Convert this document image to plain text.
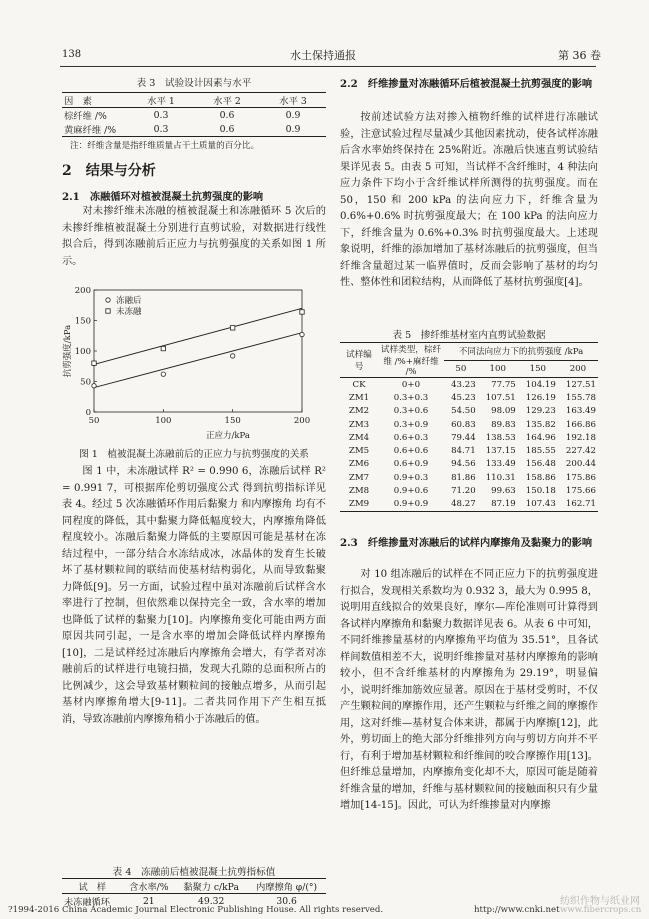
138	水土保持通报	第 36 卷
表 3　试验设计因素与水平
因　素	水平 1	水平 2	水平 3
棕纤维 /%	0.3	0.6	0.9
黄麻纤维 /%	0.3	0.6	0.9
注：纤维含量是指纤维质量占干土质量的百分比。
2　结果与分析
2.1　冻融循环对植被混凝土抗剪强度的影响

对未掺纤维未冻融的植被混凝土和冻融循环 5 次后的未掺纤维植被混凝土分别进行直剪试验，对数据进行线性拟合后，得到冻融前后正应力与抗剪强度的关系如图 1 所示。

50	100	150	200
0
50
100
150
200
正应力/kPa
抗剪强度/kPa
冻融后
未冻融
图 1　植被混凝土冻融前后的正应力与抗剪强度的关系

图 1 中，未冻融试样 R² = 0.990 6，冻融后试样 R² = 0.991 7，可根据库伦剪切强度公式 得到抗剪指标详见表 4。经过 5 次冻融循环作用后黏聚力 和内摩擦角 均有不同程度的降低，其中黏聚力降低幅度较大，内摩擦角降低程度较小。冻融后黏聚力降低的主要原因可能是基材在冻结过程中，一部分结合水冻结成冰，冰晶体的发育生长破坏了基材颗粒间的联结而使基材结构弱化，从而导致黏聚力降低[9]。另一方面，试验过程中虽对冻融前后试样含水率进行了控制，但依然难以保持完全一致，含水率的增加也降低了试样的黏聚力[10]。内摩擦角变化可能由两方面原因共同引起，一是含水率的增加会降低试样内摩擦角[10]，二是试样经过冻融后内摩擦角会增大，有学者对冻融前后的试样进行电镜扫描，发现大孔隙的总面积所占的比例减少，这会导致基材颗粒间的接触点增多，从而引起基材内摩擦角增大[9-11]。二者共同作用下产生相互抵消，导致冻融前内摩擦角稍小于冻融后的值。

表 4　冻融前后植被混凝土抗剪指标值
试　样	含水率/%	黏聚力 c/kPa	内摩擦角 φ/(°)
未冻融循环	21	49.32	30.6
2.2　纤维掺量对冻融循环后植被混凝土抗剪强度的影响

按前述试验方法对掺入植物纤维的试样进行冻融试验，注意试验过程尽量减少其他因素扰动，使各试样冻融后含水率始终保持在 25%附近。冻融后快速直剪试验结果详见表 5。由表 5 可知，当试样不含纤维时，4 种法向应力条件下均小于含纤维试样所测得的抗剪强度。而在 50，150 和 200 kPa 的法向应力下，纤维含量为 0.6%+0.6% 时抗剪强度最大；在 100 kPa 的法向应力下，纤维含量为 0.6%+0.3% 时抗剪强度最大。上述现象说明，纤维的添加增加了基材冻融后的抗剪强度，但当纤维含量超过某一临界值时，反而会影响了基材的均匀性、整体性和团粒结构，从而降低了基材抗剪强度[4]。

表 5　掺纤维基材室内直剪试验数据
试样编号	试样类型，棕纤维 /%+麻纤维 /%	不同法向应力下的抗剪强度 /kPa			
		50	100	150	200
CK	0+0	43.23	77.75	104.19	127.51
ZM1	0.3+0.3	45.23	107.51	126.19	155.78
ZM2	0.3+0.6	54.50	98.09	129.23	163.49
ZM3	0.3+0.9	60.83	89.83	135.82	166.86
ZM4	0.6+0.3	79.44	138.53	164.96	192.18
ZM5	0.6+0.6	84.71	137.15	185.55	227.42
ZM6	0.6+0.9	94.56	133.49	156.48	200.44
ZM7	0.9+0.3	81.86	110.31	158.86	175.86
ZM8	0.9+0.6	71.20	99.63	150.18	175.66
ZM9	0.9+0.9	48.27	87.19	107.43	162.71
2.3　纤维掺量对冻融后的试样内摩擦角及黏聚力的影响

对 10 组冻融后的试样在不同正应力下的抗剪强度进行拟合，发现相关系数均为 0.932 3，最大为 0.995 8，说明用直线拟合的效果良好，摩尔—库伦准则可计算得到各试样内摩擦角和黏聚力数据详见表 6。从表 6 中可知，不同纤维掺量基材的内摩擦角平均值为 35.51°，且各试样间数值相差不大，说明纤维掺量对基材内摩擦角的影响较小，但不含纤维基材的内摩擦角为 29.19°，明显偏小，说明纤维加筋效应显著。原因在于基材受剪时，不仅产生颗粒间的摩擦作用，还产生颗粒与纤维之间的摩擦作用，这对纤维—基材复合体来讲，都属于内摩擦[12]，此外，剪切面上的绝大部分纤维排列方向与剪切方向并不平行，有利于增加基材颗粒和纤维间的咬合摩擦作用[13]。但纤维总量增加，内摩擦角变化却不大，原因可能是随着纤维含量的增加，纤维与基材颗粒间的接触面积只有少量增加[14-15]。因此，可认为纤维掺量对内摩擦

?1994-2016 China Academic Journal Electronic Publishing House. All rights reserved.	http://www.cnki.net
纺织作物与纸业网
www.fibercrops.cn
